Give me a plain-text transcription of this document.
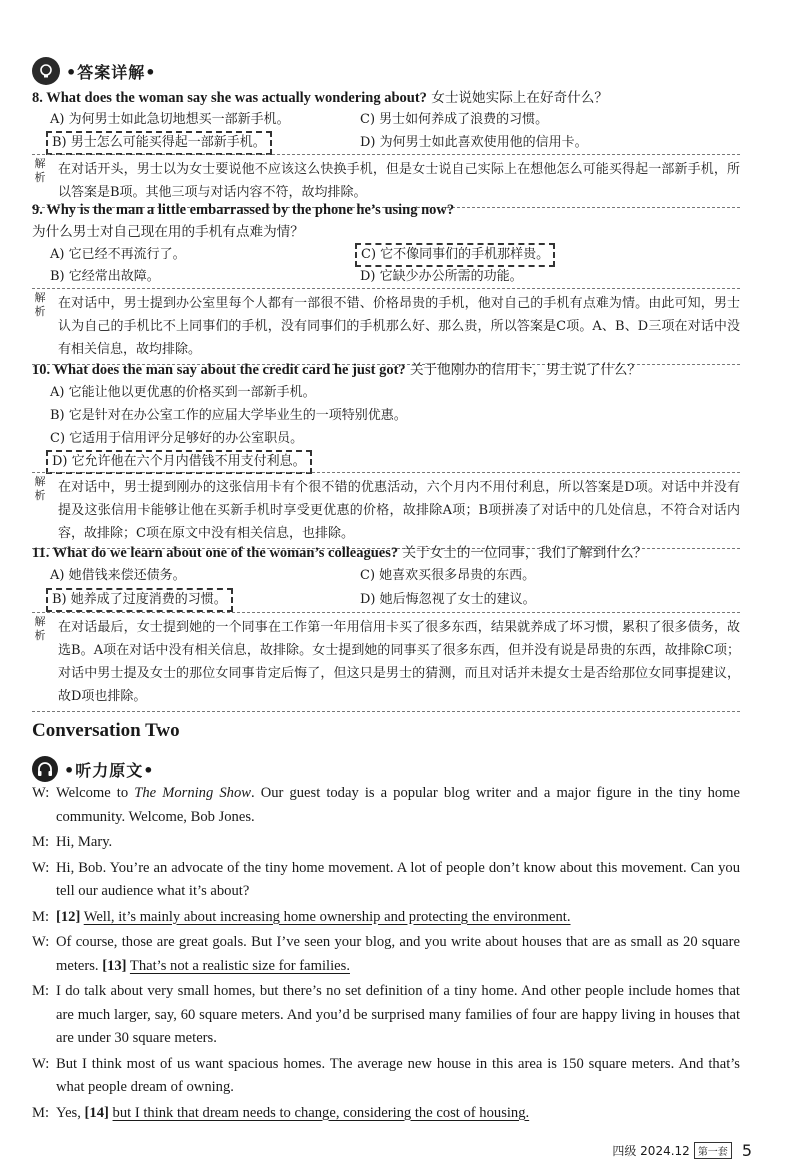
•答案详解•
8. What does the woman say she was actually wondering about? 女士说她实际上在好奇什么？
A) 为何男士如此急切地想买一部新手机。	C) 男士如何养成了浪费的习惯。
B) 男士怎么可能买得起一部新手机。	D) 为何男士如此喜欢使用他的信用卡。
解析
在对话开头，男士以为女士要说他不应该这么快换手机，但是女士说自己实际上在想他怎么可能买得起一部新手机，所以答案是B项。其他三项与对话内容不符，故均排除。
9. Why is the man a little embarrassed by the phone he’s using now?
为什么男士对自己现在用的手机有点难为情？
A) 它已经不再流行了。	C) 它不像同事们的手机那样贵。
B) 它经常出故障。	D) 它缺少办公所需的功能。
解析
在对话中，男士提到办公室里每个人都有一部很不错、价格昂贵的手机，他对自己的手机有点难为情。由此可知，男士认为自己的手机比不上同事们的手机，没有同事们的手机那么好、那么贵，所以答案是C项。A、B、D三项在对话中没有相关信息，故均排除。
10. What does the man say about the credit card he just got? 关于他刚办的信用卡，男士说了什么？
A) 它能让他以更优惠的价格买到一部新手机。
B) 它是针对在办公室工作的应届大学毕业生的一项特别优惠。
C) 它适用于信用评分足够好的办公室职员。
D) 它允许他在六个月内借钱不用支付利息。
解析
在对话中，男士提到刚办的这张信用卡有个很不错的优惠活动，六个月内不用付利息，所以答案是D项。对话中并没有提及这张信用卡能够让他在买新手机时享受更优惠的价格，故排除A项；B项拼凑了对话中的几处信息，不符合对话内容，故排除；C项在原文中没有相关信息，也排除。
11. What do we learn about one of the woman’s colleagues? 关于女士的一位同事，我们了解到什么？
A) 她借钱来偿还债务。	C) 她喜欢买很多昂贵的东西。
B) 她养成了过度消费的习惯。	D) 她后悔忽视了女士的建议。
解析
在对话最后，女士提到她的一个同事在工作第一年用信用卡买了很多东西，结果就养成了坏习惯，累积了很多债务，故选B。A项在对话中没有相关信息，故排除。女士提到她的同事买了很多东西，但并没有说是昂贵的东西，故排除C项；对话中男士提及女士的那位女同事肯定后悔了，但这只是男士的猜测，而且对话并未提女士是否给那位女同事提建议，故D项也排除。
Conversation Two
•听力原文•
W: Welcome to The Morning Show. Our guest today is a popular blog writer and a major figure in the tiny home community. Welcome, Bob Jones.
M: Hi, Mary.
W: Hi, Bob. You’re an advocate of the tiny home movement. A lot of people don’t know about this movement. Can you tell our audience what it’s about?
M: [12] Well, it’s mainly about increasing home ownership and protecting the environment.
W: Of course, those are great goals. But I’ve seen your blog, and you write about houses that are as small as 20 square meters. [13] That’s not a realistic size for families.
M: I do talk about very small homes, but there’s no set definition of a tiny home. And other people include homes that are much larger, say, 60 square meters. And you’d be surprised many families of four are happy living in houses that are under 30 square meters.
W: But I think most of us want spacious homes. The average new house in this area is 150 square meters. And that’s what people dream of owning.
M: Yes, [14] but I think that dream needs to change, considering the cost of housing.
四级 2024.12 第一套 5
